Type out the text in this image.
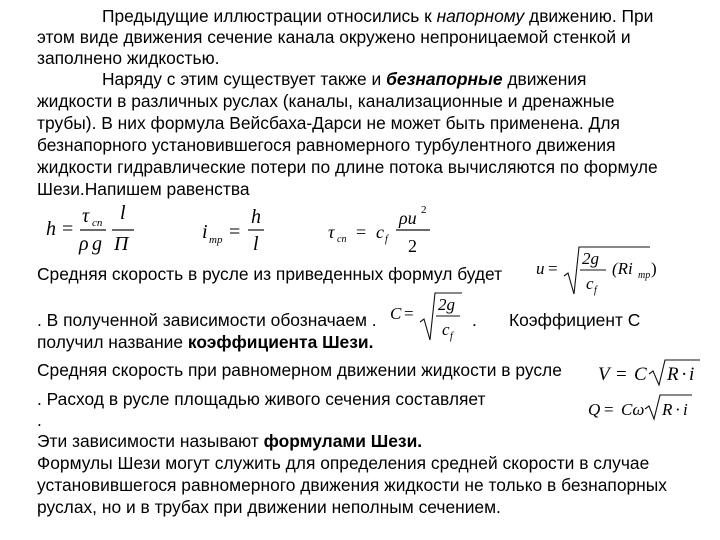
Предыдущие иллюстрации относились к напорному движению. При
этом виде движения сечение канала окружено непроницаемой стенкой и
заполнено жидкостью.
Наряду с этим существует также и безнапорные движения
жидкости в различных руслах (каналы, канализационные и дренажные
трубы). В них формула Вейсбаха-Дарси не может быть применена. Для
безнапорного установившегося равномерного турбулентного движения
жидкости гидравлические потери по длине потока вычисляются по формуле
Шези.Напишем равенства
h =
τ сп
ρ g
l
Π
i тр =
h
l
τ сп = c f
ρu 2
2
Средняя скорость в русле из приведенных формул будет u =
2g
c f
(Ri тр )
. В полученной зависимости обозначаем . C = 2g
c f
. Коэффициент С
получил название коэффициента Шези.
Средняя скорость при равномерном движении жидкости в русле V = C R · i
. Расход в русле площадью живого сечения составляет
Q = Cω R · i
.
Эти зависимости называют формулами Шези.
Формулы Шези могут служить для определения средней скорости в случае
установившегося равномерного движения жидкости не только в безнапорных
руслах, но и в трубах при движении неполным сечением.
